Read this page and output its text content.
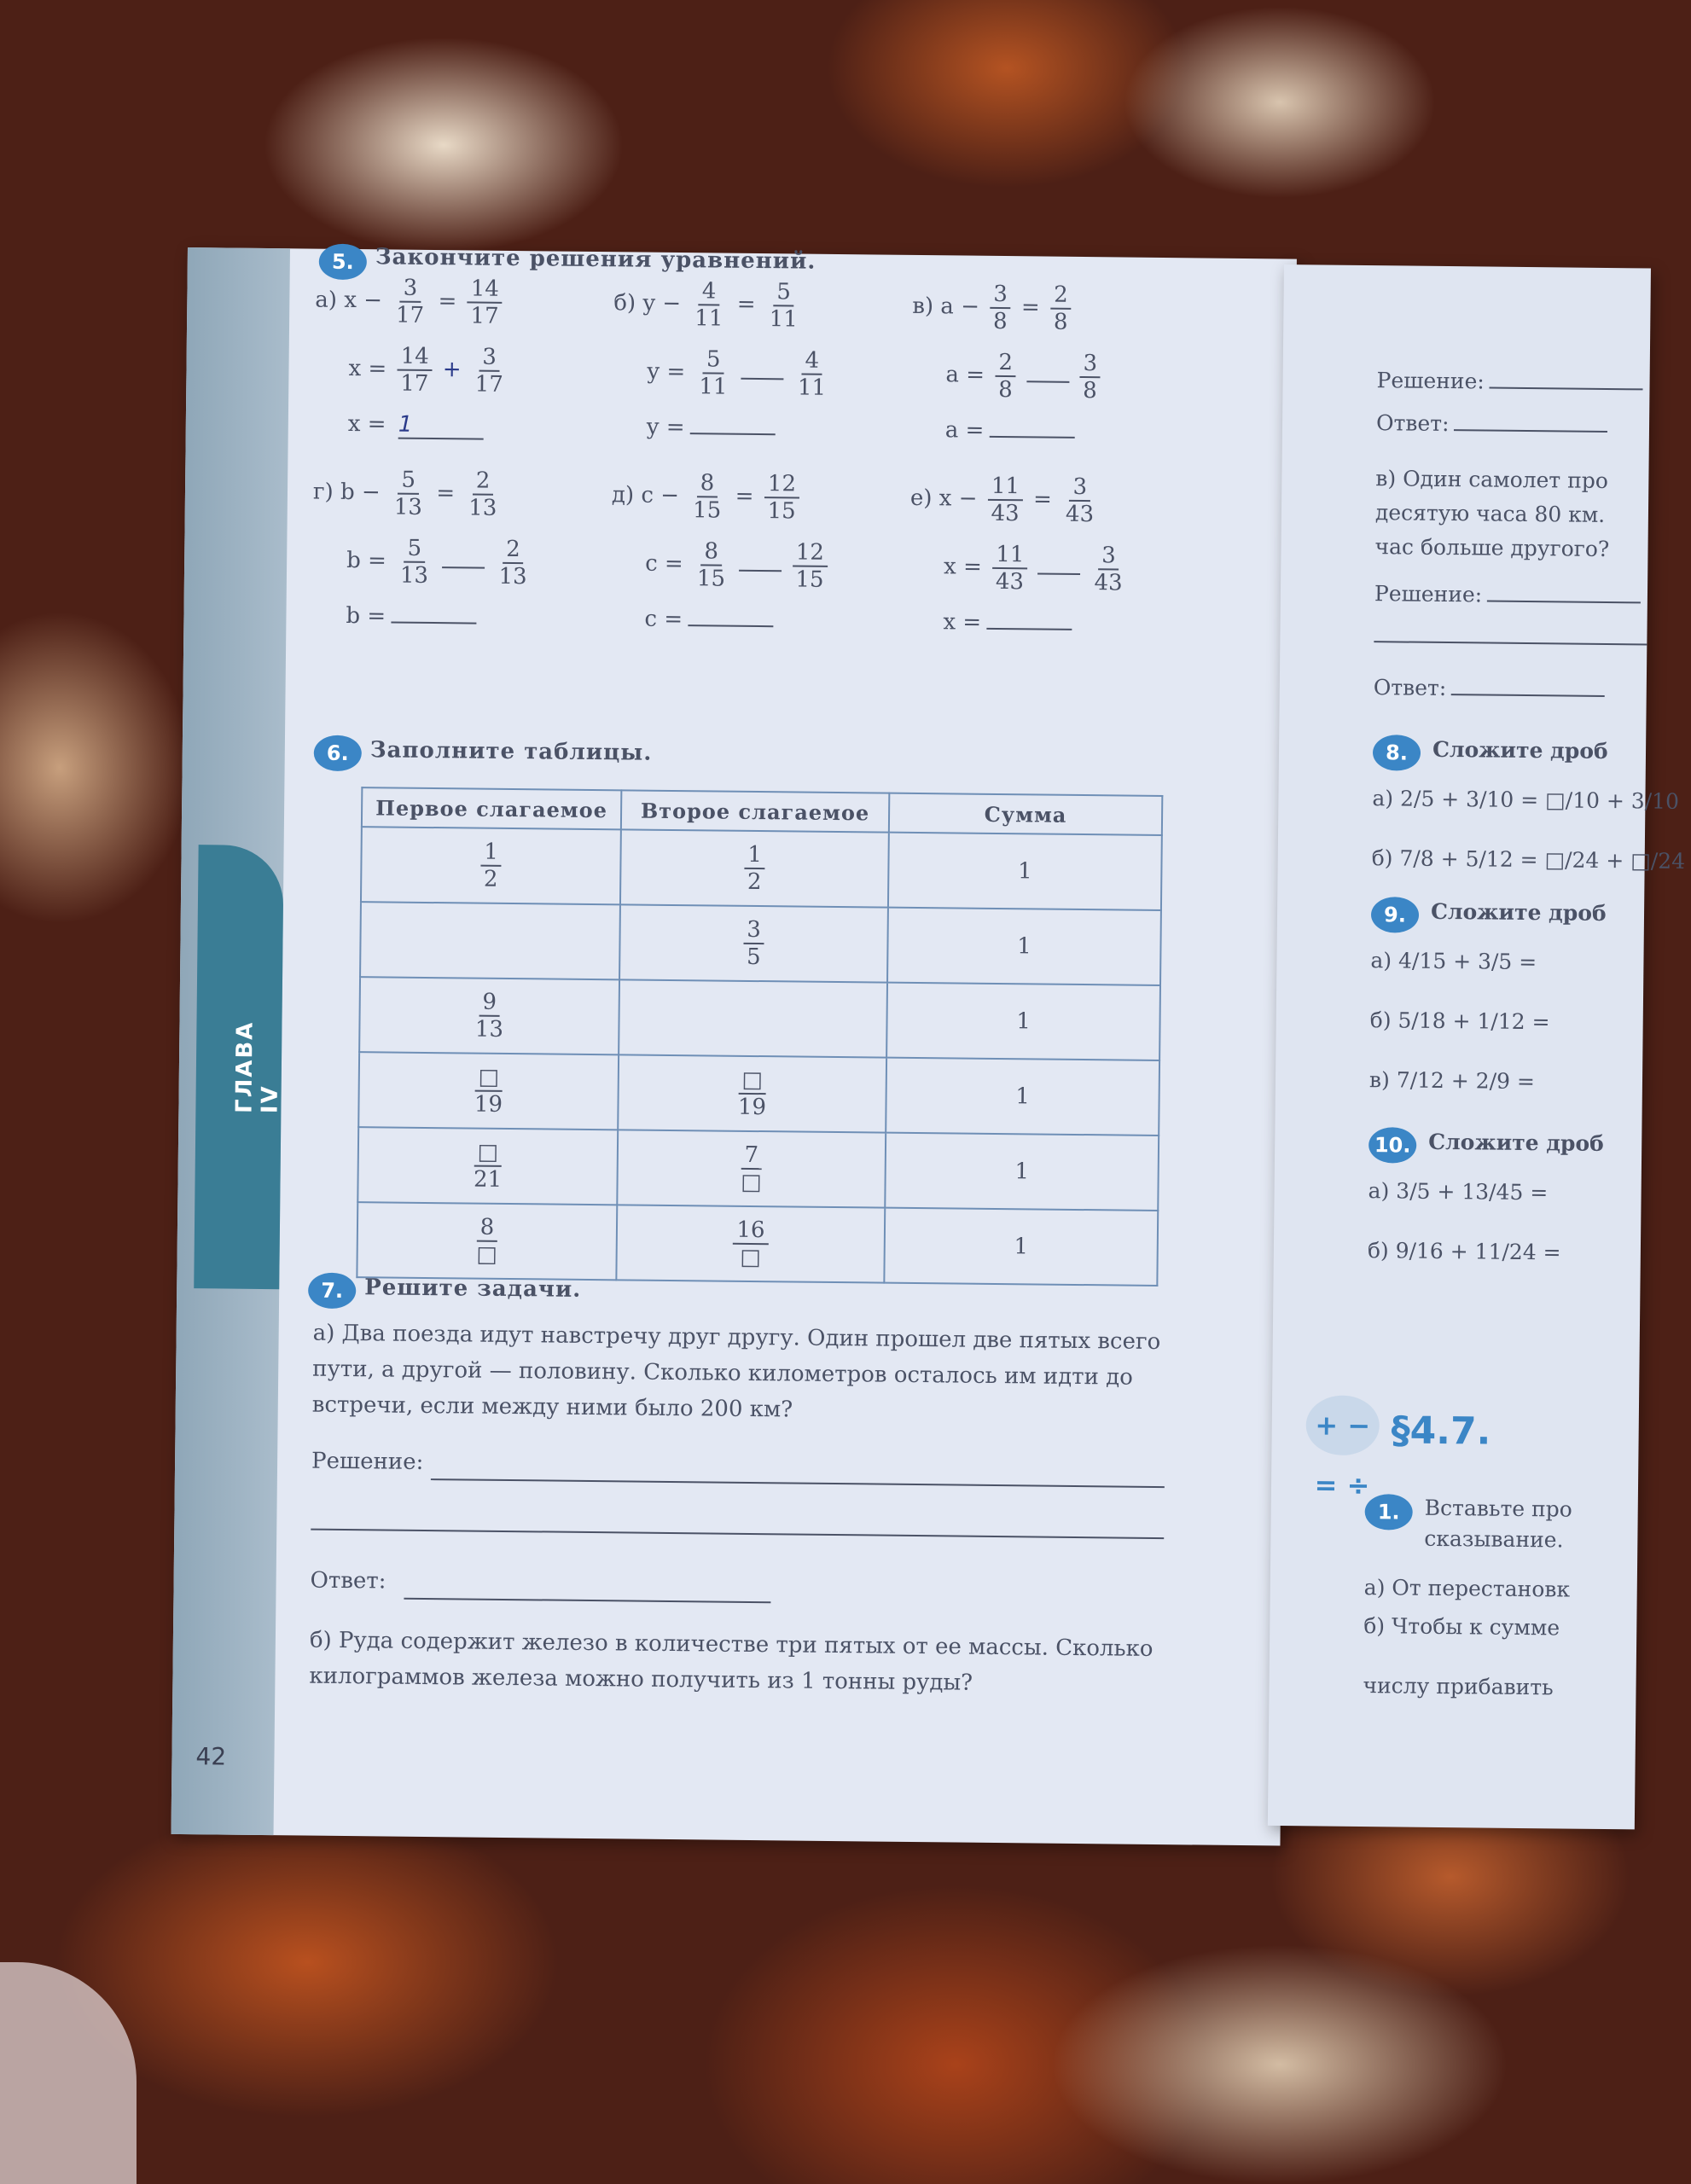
ГЛАВА IV
42
5. Закончите решения уравнений.
а) $x - \frac{3}{17} = \frac{14}{17}$
$x = \frac{14}{17} + \frac{3}{17}$
x = 1
б) $y - \frac{4}{11} = \frac{5}{11}$
$y = \frac{5}{11}$
	$\frac{4}{11}$
y =
в) $a - \frac{3}{8} = \frac{2}{8}$
$a = \frac{2}{8}$
	$\frac{3}{8}$
a =
г) $b - \frac{5}{13} = \frac{2}{13}$
$b = \frac{5}{13}$
	$\frac{2}{13}$
b =
д) $c - \frac{8}{15} = \frac{12}{15}$
$c = \frac{8}{15}$
	$\frac{12}{15}$
c =
е) $x - \frac{11}{43} = \frac{3}{43}$
$x = \frac{11}{43}$
	$\frac{3}{43}$
x =
6. Заполните таблицы.
Первое слагаемое	Второе слагаемое	Сумма

$\frac{1}{2}$	$\frac{1}{2}$	1

	$\frac{3}{5}$	1

$\frac{9}{13}$		1

$\frac{□}{19}$	$\frac{□}{19}$	1

$\frac{□}{21}$	$\frac{7}{□}$	1

$\frac{8}{□}$	$\frac{16}{□}$	1
7. Решите задачи.
а) Два поезда идут навстречу друг другу. Один прошел две пятых всего
пути, а другой — половину. Сколько километров осталось им идти до
встречи, если между ними было 200 км?
Решение:
Ответ:
б) Руда содержит железо в количестве три пятых от ее массы. Сколько
килограммов железа можно получить из 1 тонны руды?
Решение:
Ответ:
в) Один самолет про
десятую часа 80 км.
час больше другого?
Решение:
Ответ:
8.	Сложите дроб
а) 2/5 + 3/10 = □/10 + 3/10
б) 7/8 + 5/12 = □/24 + □/24
9.	Сложите дроб
а) 4/15 + 3/5 =
б) 5/18 + 1/12 =
в) 7/12 + 2/9 =
10. Сложите дроб
а) 3/5 + 13/45 =
б) 9/16 + 11/24 =
+ − = ÷
§4.7.
1.	Вставьте про
сказывание.
а) От перестановк
б) Чтобы к сумме
числу прибавить
